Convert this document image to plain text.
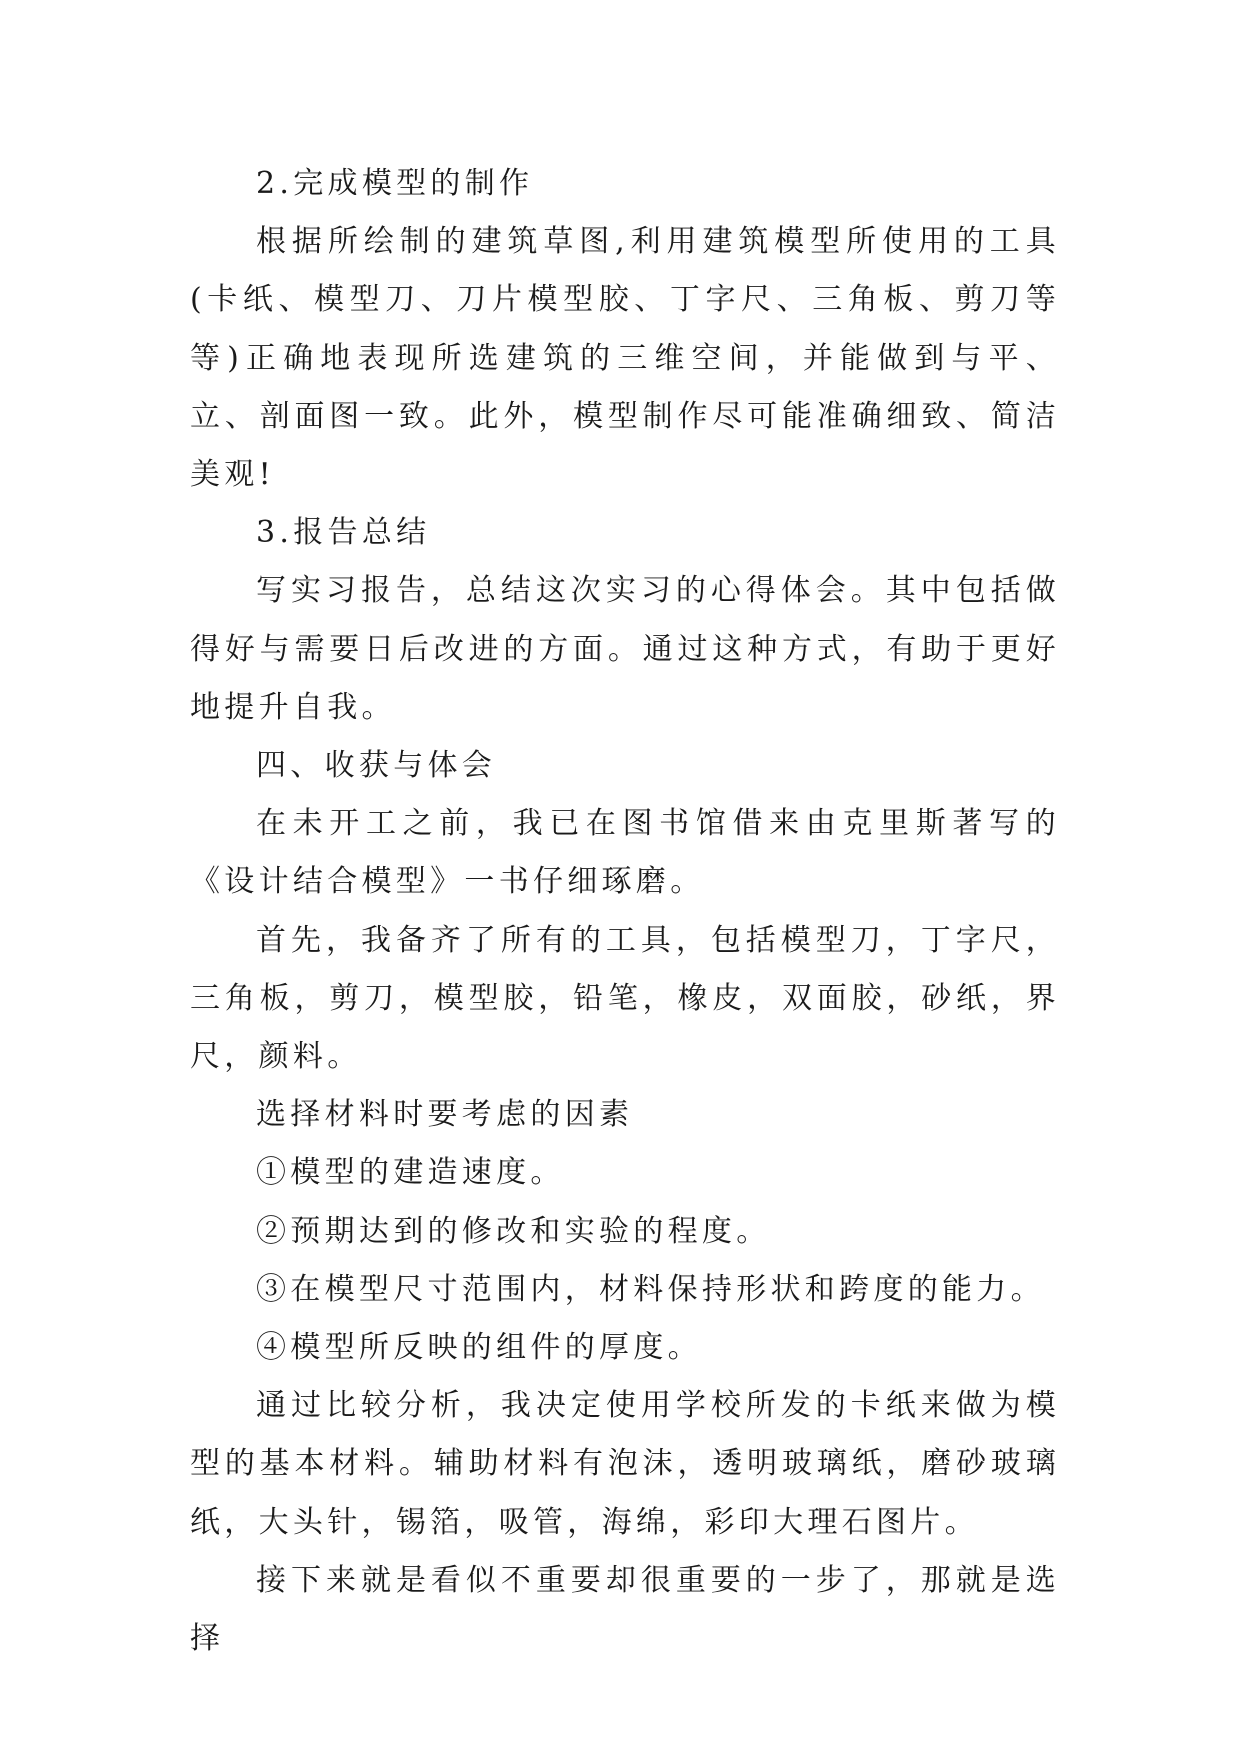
2.完成模型的制作

根据所绘制的建筑草图,利用建筑模型所使用的工具(卡纸、模型刀、刀片模型胶、丁字尺、三角板、剪刀等等)正确地表现所选建筑的三维空间，并能做到与平、立、剖面图一致。此外，模型制作尽可能准确细致、简洁美观!

3.报告总结

写实习报告，总结这次实习的心得体会。其中包括做得好与需要日后改进的方面。通过这种方式，有助于更好地提升自我。

四、收获与体会

在未开工之前，我已在图书馆借来由克里斯著写的《设计结合模型》一书仔细琢磨。

首先，我备齐了所有的工具，包括模型刀，丁字尺，三角板，剪刀，模型胶，铅笔，橡皮，双面胶，砂纸，界尺，颜料。

选择材料时要考虑的因素

①模型的建造速度。

②预期达到的修改和实验的程度。

③在模型尺寸范围内，材料保持形状和跨度的能力。

④模型所反映的组件的厚度。

通过比较分析，我决定使用学校所发的卡纸来做为模型的基本材料。辅助材料有泡沫，透明玻璃纸，磨砂玻璃纸，大头针，锡箔，吸管，海绵，彩印大理石图片。

接下来就是看似不重要却很重要的一步了，那就是选择
